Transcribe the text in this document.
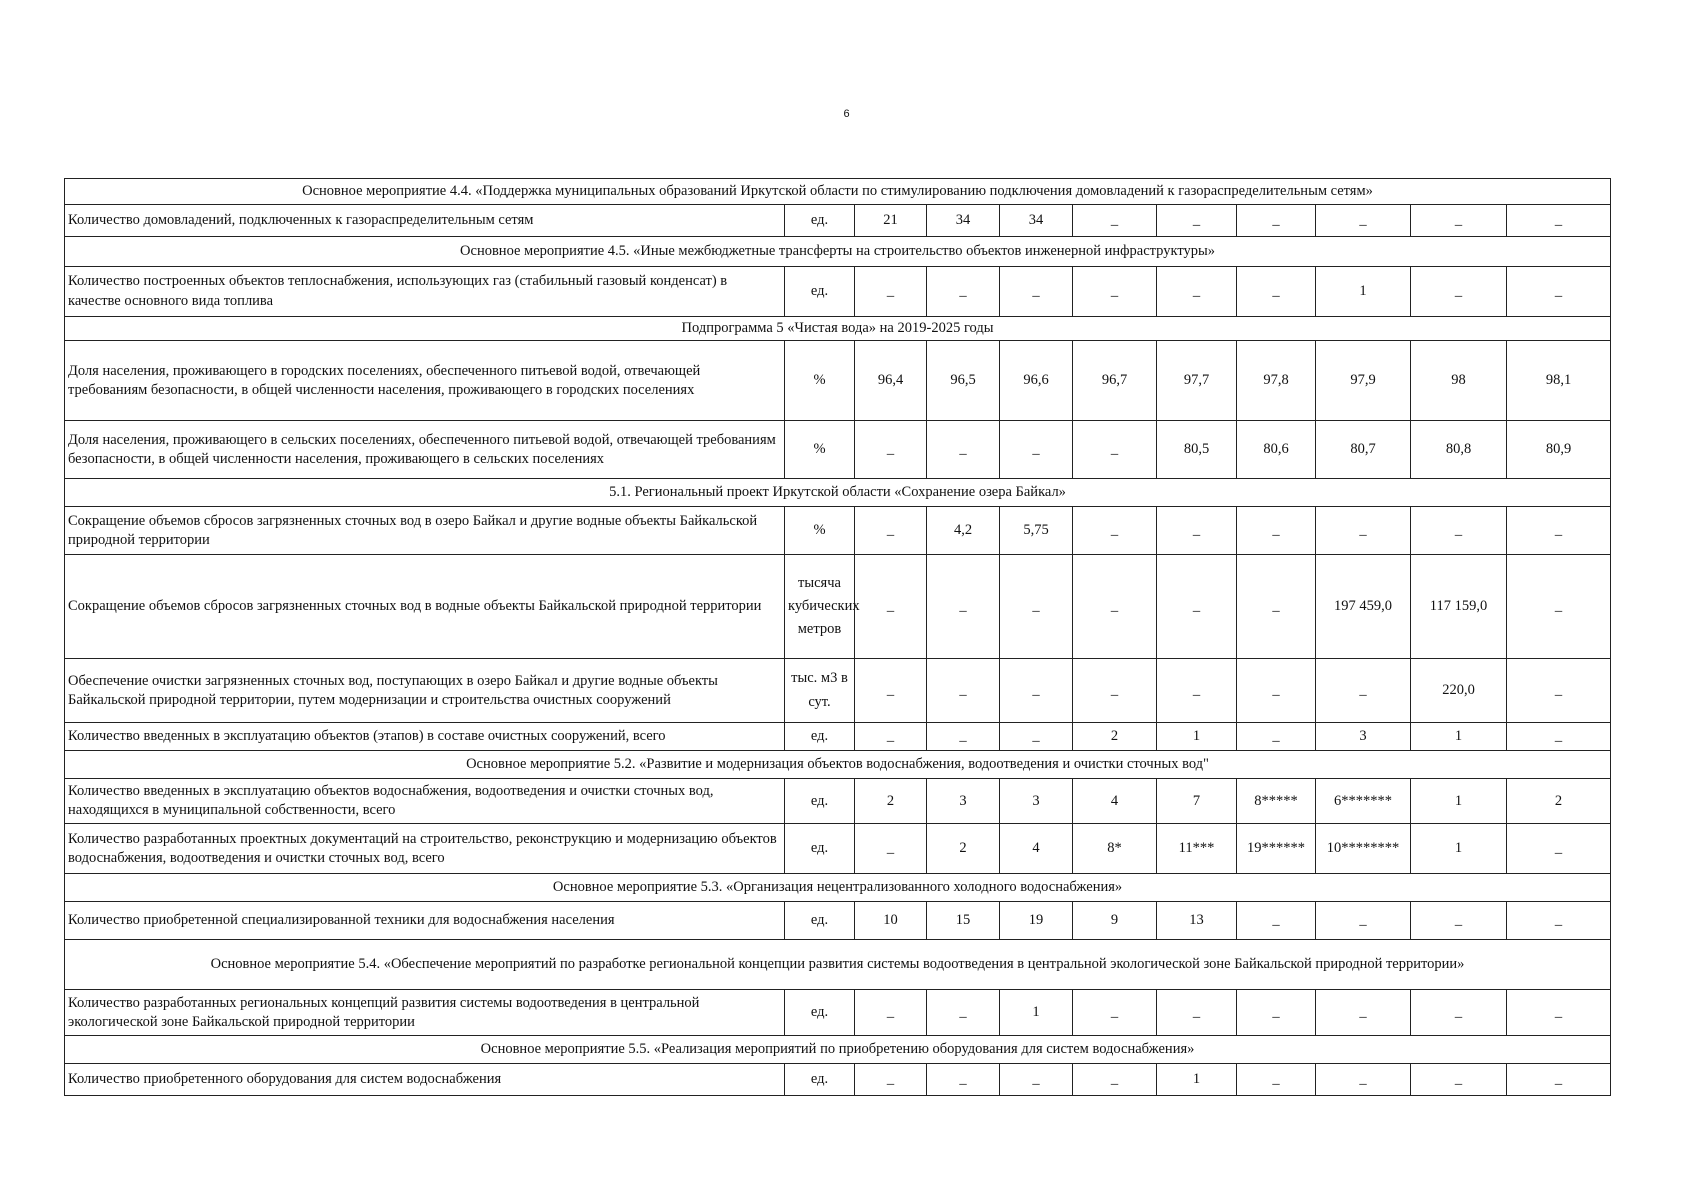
6
Основное мероприятие 4.4. «Поддержка муниципальных образований Иркутской области по стимулированию подключения домовладений к газораспределительным сетям»										
Количество домовладений, подключенных к газораспределительным сетям	ед.	21	34	34	_	_	_	_	_	_
Основное мероприятие 4.5. «Иные межбюджетные трансферты на строительство объектов инженерной инфраструктуры»										
Количество построенных объектов теплоснабжения, использующих газ (стабильный газовый конденсат) в качестве основного вида топлива	ед.	_	_	_	_	_	_	1	_	_
Подпрограмма 5 «Чистая вода» на 2019-2025 годы										
Доля населения, проживающего в городских поселениях, обеспеченного питьевой водой, отвечающей требованиям безопасности, в общей численности населения, проживающего в городских поселениях	%	96,4	96,5	96,6	96,7	97,7	97,8	97,9	98	98,1
Доля населения, проживающего в сельских поселениях, обеспеченного питьевой водой, отвечающей требованиям безопасности, в общей численности населения, проживающего в сельских поселениях	%	_	_	_	_	80,5	80,6	80,7	80,8	80,9
5.1. Региональный проект Иркутской области «Сохранение озера Байкал»										
Сокращение объемов сбросов загрязненных сточных вод в озеро Байкал и другие водные объекты Байкальской природной территории	%	_	4,2	5,75	_	_	_	_	_	_
Сокращение объемов сбросов загрязненных сточных вод в водные объекты Байкальской природной территории	тысяча кубических метров	_	_	_	_	_	_	197 459,0	117 159,0	_
Обеспечение очистки загрязненных сточных вод, поступающих в озеро Байкал и другие водные объекты Байкальской природной территории, путем модернизации и строительства очистных сооружений	тыс. м3 в сут.	_	_	_	_	_	_	_	220,0	_
Количество введенных в эксплуатацию объектов (этапов) в составе очистных сооружений, всего	ед.	_	_	_	2	1	_	3	1	_
Основное мероприятие 5.2. «Развитие и модернизация объектов водоснабжения, водоотведения и очистки сточных вод"										
Количество введенных в эксплуатацию объектов водоснабжения, водоотведения и очистки сточных вод, находящихся в муниципальной собственности, всего	ед.	2	3	3	4	7	8*****	6*******	1	2
Количество разработанных проектных документаций на строительство, реконструкцию и модернизацию объектов водоснабжения, водоотведения и очистки сточных вод, всего	ед.	_	2	4	8*	11***	19******	10********	1	_
Основное мероприятие 5.3. «Организация нецентрализованного холодного водоснабжения»										
Количество приобретенной специализированной техники для водоснабжения населения	ед.	10	15	19	9	13	_	_	_	_
Основное мероприятие 5.4. «Обеспечение мероприятий по разработке региональной концепции развития системы водоотведения в центральной экологической зоне Байкальской природной территории»										
Количество разработанных региональных концепций развития системы водоотведения в центральной экологической зоне Байкальской природной территории	ед.	_	_	1	_	_	_	_	_	_
Основное мероприятие 5.5. «Реализация мероприятий по приобретению оборудования для систем водоснабжения»										
Количество приобретенного оборудования для систем водоснабжения	ед.	_	_	_	_	1	_	_	_	_
